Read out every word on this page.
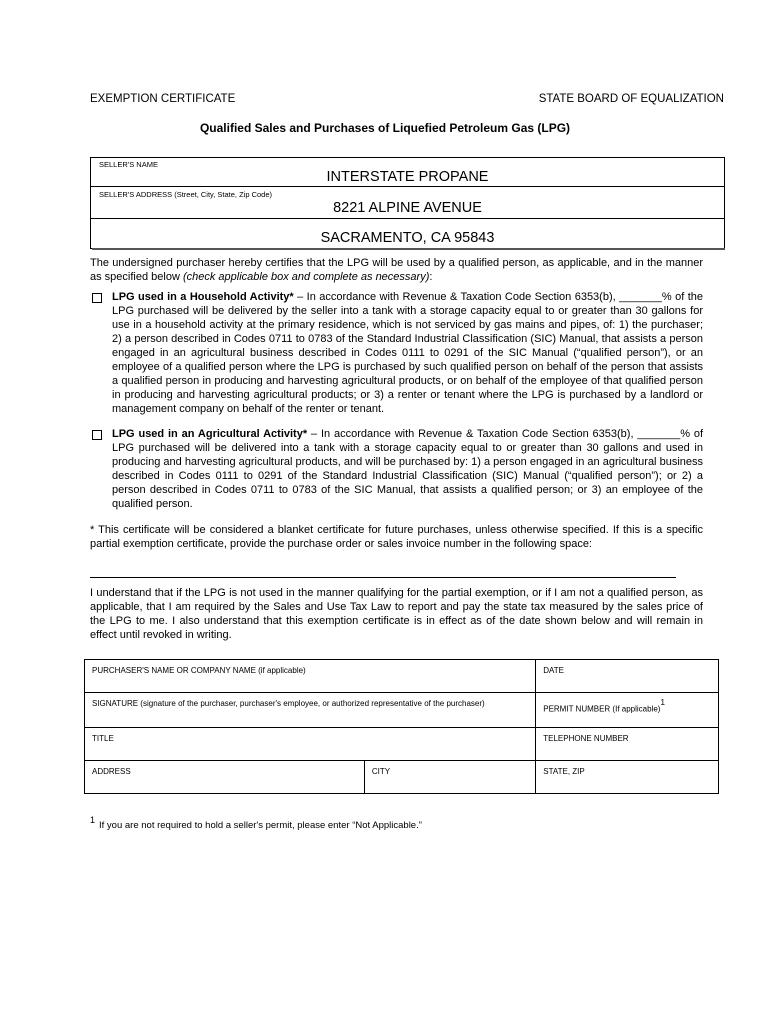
EXEMPTION CERTIFICATE	STATE BOARD OF EQUALIZATION
Qualified Sales and Purchases of Liquefied Petroleum Gas (LPG)
SELLER'S NAME
INTERSTATE PROPANE
SELLER'S ADDRESS (Street, City, State, Zip Code)
8221 ALPINE AVENUE
SACRAMENTO, CA 95843
The undersigned purchaser hereby certifies that the LPG will be used by a qualified person, as applicable, and in the manner as specified below (check applicable box and complete as necessary):
LPG used in a Household Activity* – In accordance with Revenue & Taxation Code Section 6353(b), _______% of the LPG purchased will be delivered by the seller into a tank with a storage capacity equal to or greater than 30 gallons for use in a household activity at the primary residence, which is not serviced by gas mains and pipes, of: 1) the purchaser; 2) a person described in Codes 0711 to 0783 of the Standard Industrial Classification (SIC) Manual, that assists a person engaged in an agricultural business described in Codes 0111 to 0291 of the SIC Manual (“qualified person”), or an employee of a qualified person where the LPG is purchased by such qualified person on behalf of the person that assists a qualified person in producing and harvesting agricultural products, or on behalf of the employee of that qualified person in producing and harvesting agricultural products; or 3) a renter or tenant where the LPG is purchased by a landlord or management company on behalf of the renter or tenant.
LPG used in an Agricultural Activity* – In accordance with Revenue & Taxation Code Section 6353(b), _______% of LPG purchased will be delivered into a tank with a storage capacity equal to or greater than 30 gallons and used in producing and harvesting agricultural products, and will be purchased by: 1) a person engaged in an agricultural business described in Codes 0111 to 0291 of the Standard Industrial Classification (SIC) Manual (“qualified person”); or 2) a person described in Codes 0711 to 0783 of the SIC Manual, that assists a qualified person; or 3) an employee of the qualified person.
* This certificate will be considered a blanket certificate for future purchases, unless otherwise specified. If this is a specific partial exemption certificate, provide the purchase order or sales invoice number in the following space:
I understand that if the LPG is not used in the manner qualifying for the partial exemption, or if I am not a qualified person, as applicable, that I am required by the Sales and Use Tax Law to report and pay the state tax measured by the sales price of the LPG to me. I also understand that this exemption certificate is in effect as of the date shown below and will remain in effect until revoked in writing.
PURCHASER'S NAME OR COMPANY NAME (if applicable)		DATE
SIGNATURE (signature of the purchaser, purchaser's employee, or authorized representative of the purchaser)		PERMIT NUMBER (If applicable)$^1$
TITLE		TELEPHONE NUMBER
ADDRESS	CITY	STATE, ZIP
1 If you are not required to hold a seller's permit, please enter “Not Applicable.”
